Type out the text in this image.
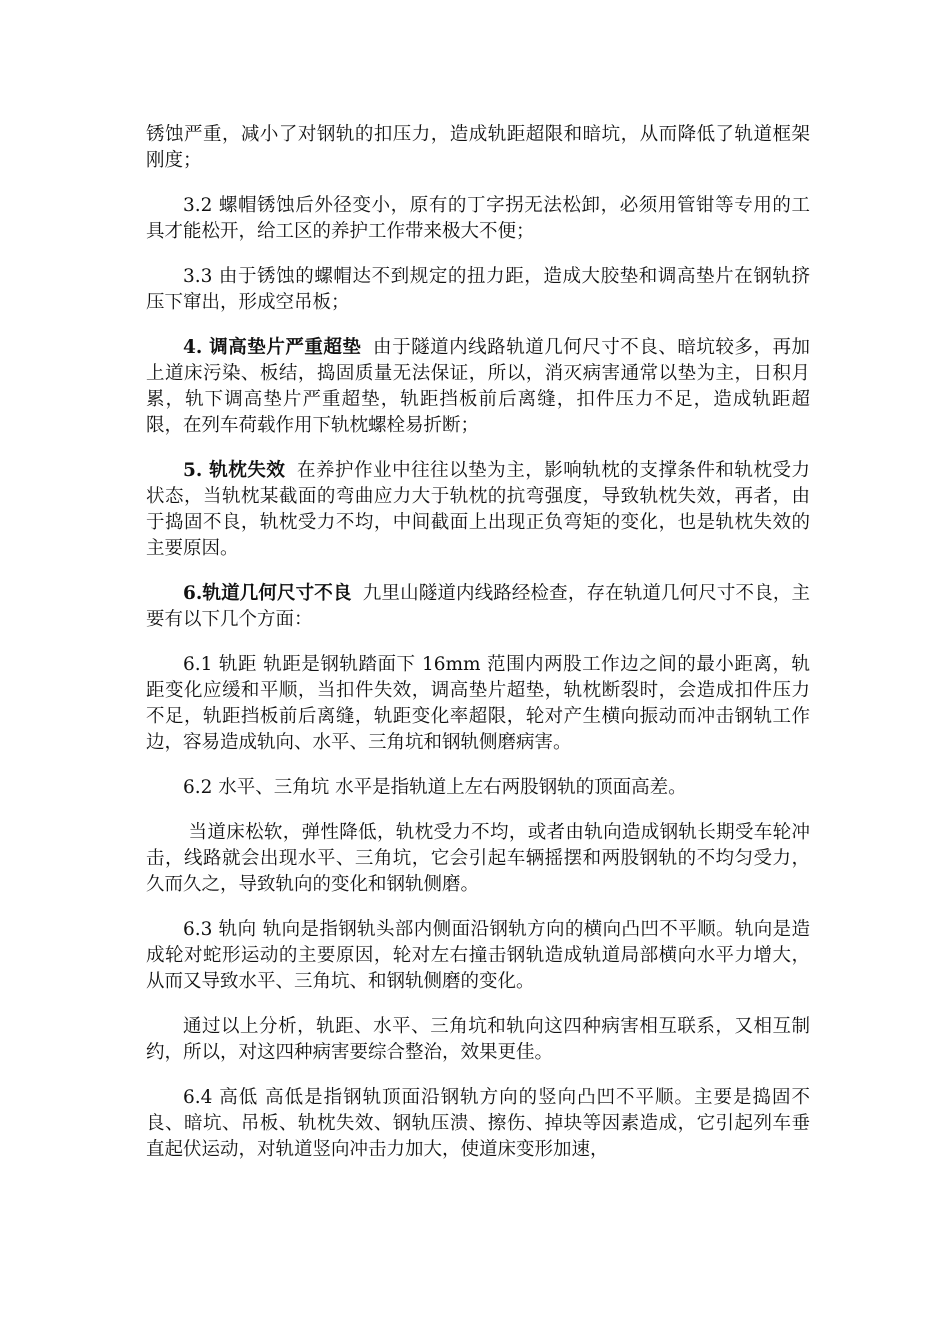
锈蚀严重，减小了对钢轨的扣压力，造成轨距超限和暗坑，从而降低了轨道框架刚度；

3.2 螺帽锈蚀后外径变小，原有的丁字拐无法松卸，必须用管钳等专用的工具才能松开，给工区的养护工作带来极大不便；

3.3 由于锈蚀的螺帽达不到规定的扭力距，造成大胶垫和调高垫片在钢轨挤压下窜出，形成空吊板；

4. 调高垫片严重超垫 由于隧道内线路轨道几何尺寸不良、暗坑较多，再加上道床污染、板结，捣固质量无法保证，所以，消灭病害通常以垫为主，日积月累，轨下调高垫片严重超垫，轨距挡板前后离缝，扣件压力不足，造成轨距超限，在列车荷载作用下轨枕螺栓易折断；

5. 轨枕失效 在养护作业中往往以垫为主，影响轨枕的支撑条件和轨枕受力状态，当轨枕某截面的弯曲应力大于轨枕的抗弯强度，导致轨枕失效，再者，由于捣固不良，轨枕受力不均，中间截面上出现正负弯矩的变化，也是轨枕失效的主要原因。

6.轨道几何尺寸不良 九里山隧道内线路经检查，存在轨道几何尺寸不良，主要有以下几个方面：

6.1 轨距 轨距是钢轨踏面下 16mm 范围内两股工作边之间的最小距离，轨距变化应缓和平顺，当扣件失效，调高垫片超垫，轨枕断裂时，会造成扣件压力不足，轨距挡板前后离缝，轨距变化率超限，轮对产生横向振动而冲击钢轨工作边，容易造成轨向、水平、三角坑和钢轨侧磨病害。

6.2 水平、三角坑 水平是指轨道上左右两股钢轨的顶面高差。

当道床松软，弹性降低，轨枕受力不均，或者由轨向造成钢轨长期受车轮冲击，线路就会出现水平、三角坑，它会引起车辆摇摆和两股钢轨的不均匀受力，久而久之，导致轨向的变化和钢轨侧磨。

6.3 轨向 轨向是指钢轨头部内侧面沿钢轨方向的横向凸凹不平顺。轨向是造成轮对蛇形运动的主要原因，轮对左右撞击钢轨造成轨道局部横向水平力增大，从而又导致水平、三角坑、和钢轨侧磨的变化。

通过以上分析，轨距、水平、三角坑和轨向这四种病害相互联系，又相互制约，所以，对这四种病害要综合整治，效果更佳。

6.4 高低 高低是指钢轨顶面沿钢轨方向的竖向凸凹不平顺。主要是捣固不良、暗坑、吊板、轨枕失效、钢轨压溃、擦伤、掉块等因素造成，它引起列车垂直起伏运动，对轨道竖向冲击力加大，使道床变形加速，
